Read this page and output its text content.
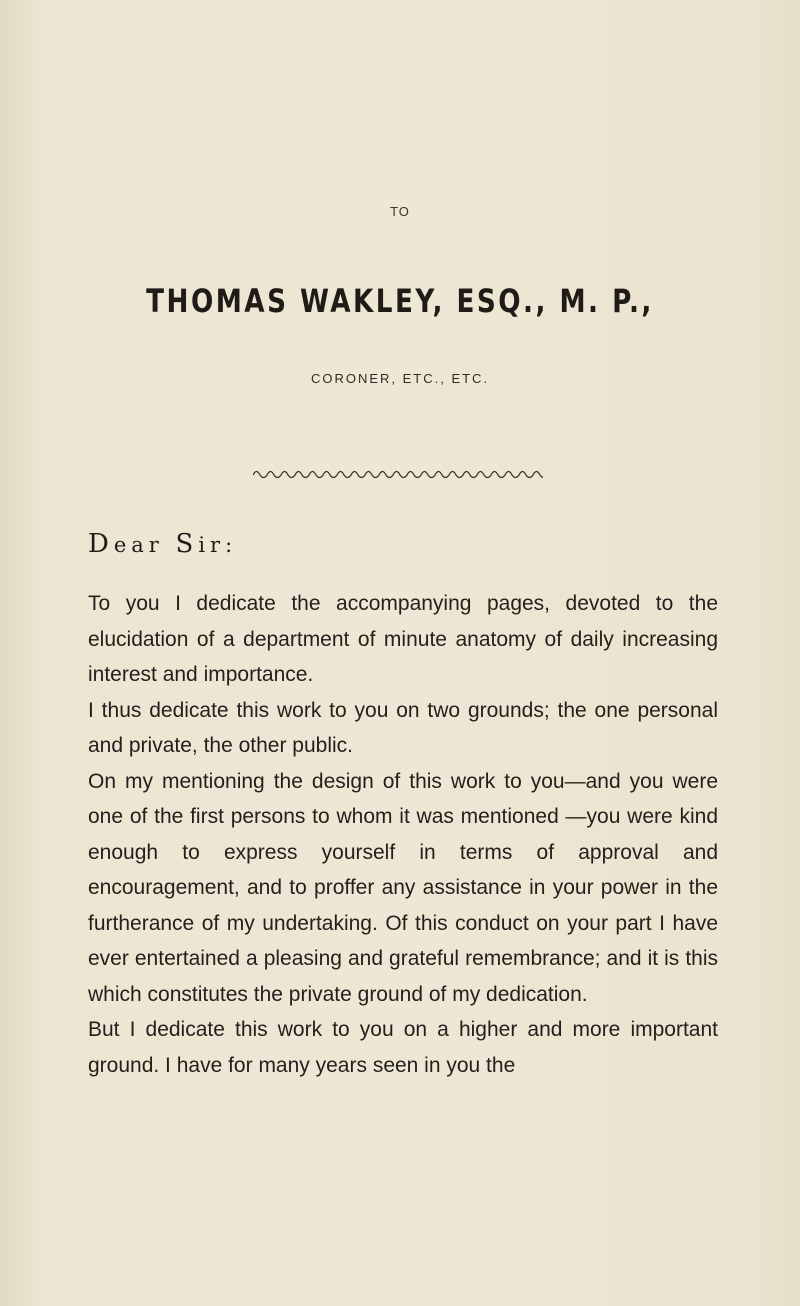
TO
THOMAS WAKLEY, ESQ., M. P.,
CORONER, ETC., ETC.
Dear Sir:

To you I dedicate the accompanying pages, devoted to the elucidation of a department of minute anatomy of daily increasing interest and importance.

I thus dedicate this work to you on two grounds; the one personal and private, the other public.

On my mentioning the design of this work to you—and you were one of the first persons to whom it was mentioned —you were kind enough to express yourself in terms of approval and encouragement, and to proffer any assistance in your power in the furtherance of my undertaking. Of this conduct on your part I have ever entertained a pleasing and grateful remembrance; and it is this which constitutes the private ground of my dedication.

But I dedicate this work to you on a higher and more important ground. I have for many years seen in you the
